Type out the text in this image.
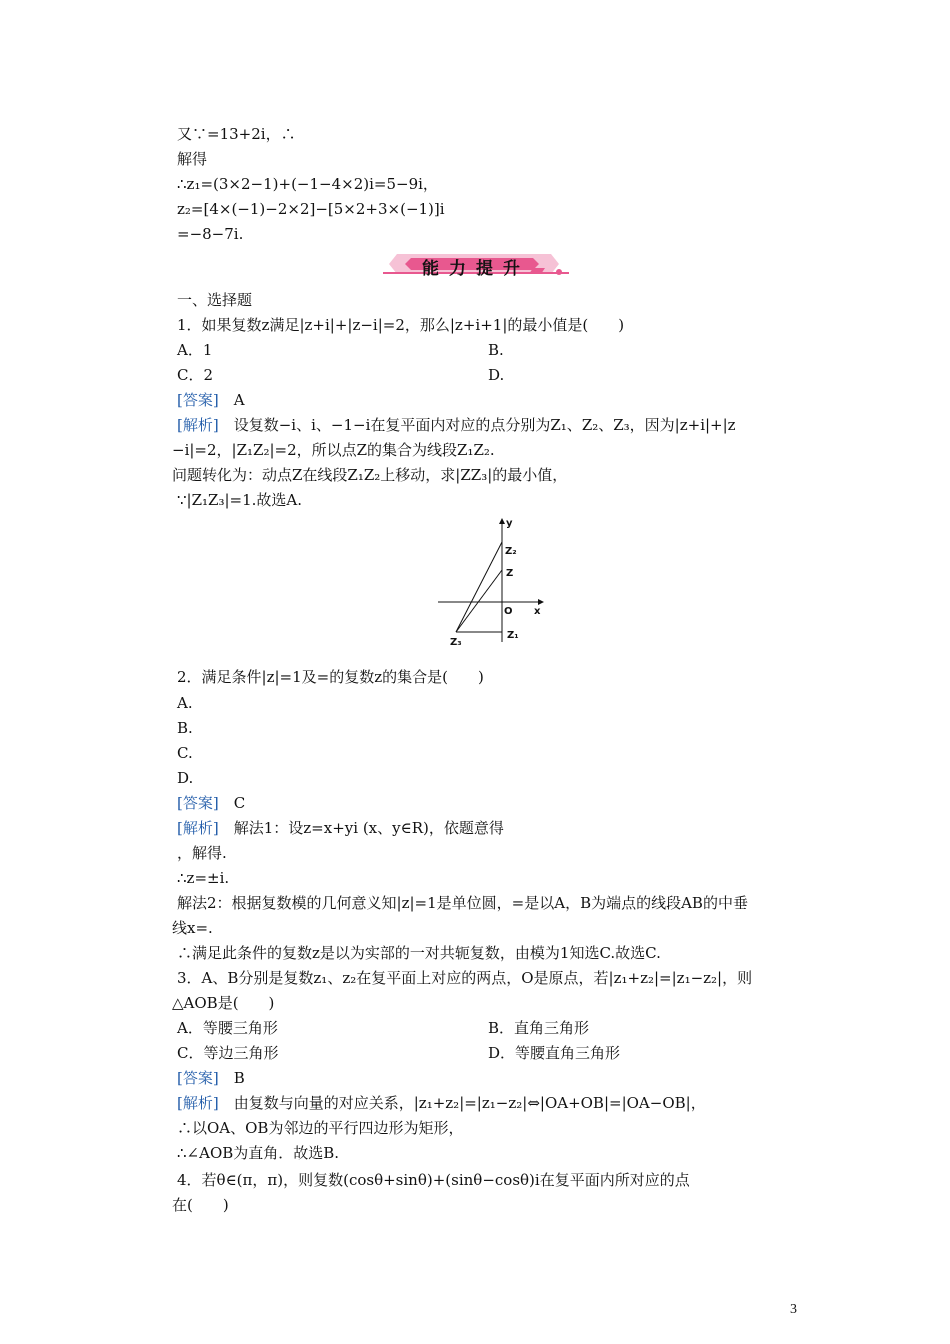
又∵=13+2i，∴
解得
∴z₁=(3×2−1)+(−1−4×2)i=5−9i，
z₂=[4×(−1)−2×2]−[5×2+3×(−1)]i
=−8−7i.
能力提升
一、选择题
1．如果复数z满足|z+i|+|z−i|=2，那么|z+i+1|的最小值是(　　)
A．1	B.
C．2	D.
[答案]　 A
[解析]　 设复数−i、i、−1−i在复平面内对应的点分别为Z₁、Z₂、Z₃，因为|z+i|+|z
−i|=2，|Z₁Z₂|=2，所以点Z的集合为线段Z₁Z₂.
问题转化为：动点Z在线段Z₁Z₂上移动，求|ZZ₃|的最小值，
∵|Z₁Z₃|=1.故选A.
y
x
O
Z
Z₂
Z₁
Z₃
2．满足条件|z|=1及=的复数z的集合是(　　)
A.
B.
C.
D.
[答案]　 C
[解析]　 解法1：设z=x+yi (x、y∈R)，依题意得
，解得.
∴z=±i.
解法2：根据复数模的几何意义知|z|=1是单位圆，=是以A，B为端点的线段AB的中垂
线x=.
∴满足此条件的复数z是以为实部的一对共轭复数，由模为1知选C.故选C.
3．A、B分别是复数z₁、z₂在复平面上对应的两点，O是原点，若|z₁+z₂|=|z₁−z₂|，则
△AOB是(　　)
A．等腰三角形	B．直角三角形
C．等边三角形	D．等腰直角三角形
[答案]　 B
[解析]　 由复数与向量的对应关系，|z₁+z₂|=|z₁−z₂|⇔|OA+OB|=|OA−OB|，
∴以OA、OB为邻边的平行四边形为矩形，
∴∠AOB为直角．故选B.
4．若θ∈(π，π)，则复数(cosθ+sinθ)+(sinθ−cosθ)i在复平面内所对应的点
在(　　)
3
